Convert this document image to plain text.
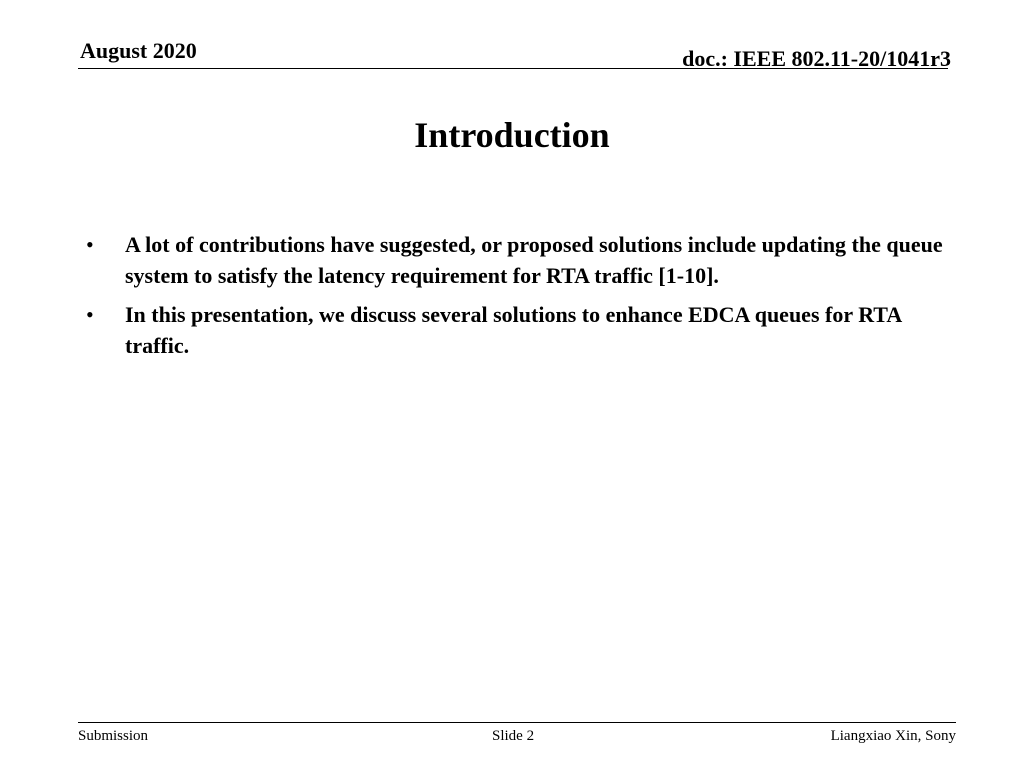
August 2020	doc.: IEEE 802.11-20/1041r3
Introduction
• A lot of contributions have suggested, or proposed solutions include updating the queue system to satisfy the latency requirement for RTA traffic [1-10].
• In this presentation, we discuss several solutions to enhance EDCA queues for RTA traffic.
Submission	Slide 2	Liangxiao Xin, Sony
